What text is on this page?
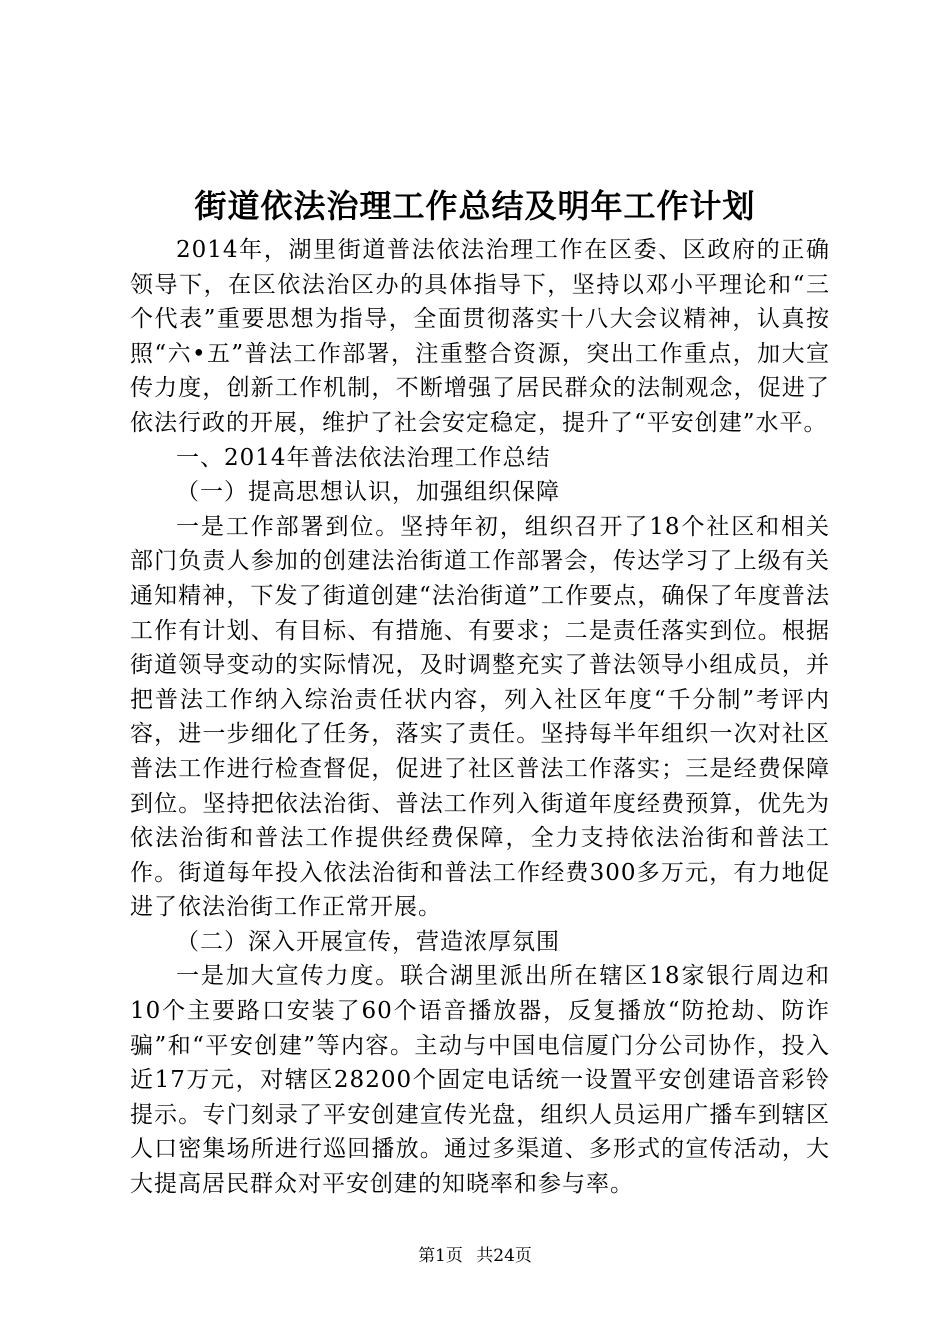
街道依法治理工作总结及明年工作计划

2014年，湖里街道普法依法治理工作在区委、区政府的正确领导下，在区依法治区办的具体指导下，坚持以邓小平理论和“三个代表”重要思想为指导，全面贯彻落实十八大会议精神，认真按照“六•五”普法工作部署，注重整合资源，突出工作重点，加大宣传力度，创新工作机制，不断增强了居民群众的法制观念，促进了依法行政的开展，维护了社会安定稳定，提升了“平安创建”水平。

一、2014年普法依法治理工作总结

（一）提高思想认识，加强组织保障

一是工作部署到位。坚持年初，组织召开了18个社区和相关部门负责人参加的创建法治街道工作部署会，传达学习了上级有关通知精神，下发了街道创建“法治街道”工作要点，确保了年度普法工作有计划、有目标、有措施、有要求；二是责任落实到位。根据街道领导变动的实际情况，及时调整充实了普法领导小组成员，并把普法工作纳入综治责任状内容，列入社区年度“千分制”考评内容，进一步细化了任务，落实了责任。坚持每半年组织一次对社区普法工作进行检查督促，促进了社区普法工作落实；三是经费保障到位。坚持把依法治街、普法工作列入街道年度经费预算，优先为依法治街和普法工作提供经费保障，全力支持依法治街和普法工作。街道每年投入依法治街和普法工作经费300多万元，有力地促进了依法治街工作正常开展。

（二）深入开展宣传，营造浓厚氛围

一是加大宣传力度。联合湖里派出所在辖区18家银行周边和10个主要路口安装了60个语音播放器，反复播放“防抢劫、防诈骗”和“平安创建”等内容。主动与中国电信厦门分公司协作，投入近17万元，对辖区28200个固定电话统一设置平安创建语音彩铃提示。专门刻录了平安创建宣传光盘，组织人员运用广播车到辖区人口密集场所进行巡回播放。通过多渠道、多形式的宣传活动，大大提高居民群众对平安创建的知晓率和参与率。

第1页 共24页
